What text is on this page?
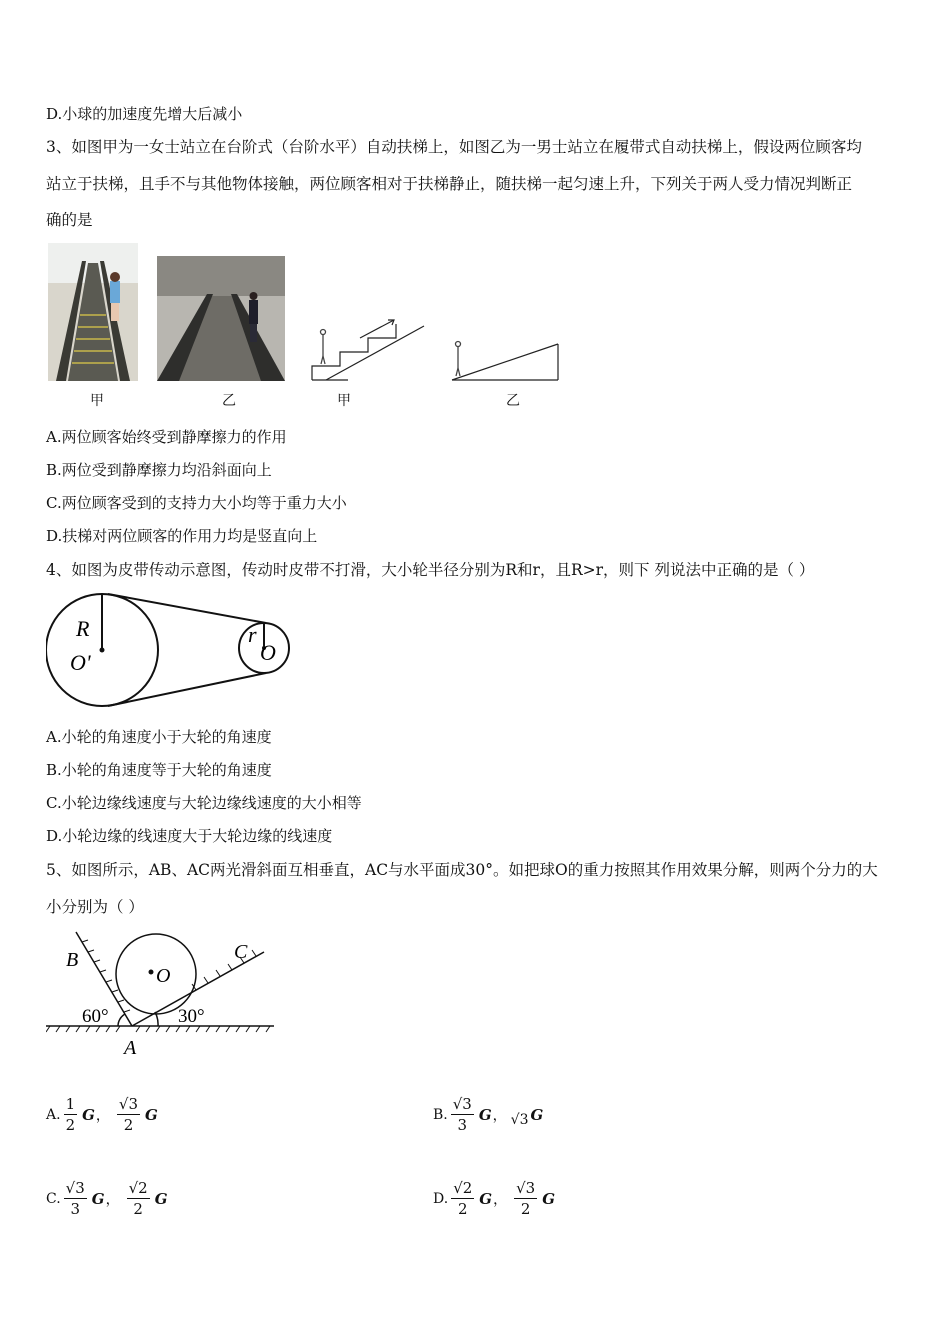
D.小球的加速度先增大后减小
3、如图甲为一女士站立在台阶式（台阶水平）自动扶梯上，如图乙为一男士站立在履带式自动扶梯上，假设两位顾客均
站立于扶梯，且手不与其他物体接触，两位顾客相对于扶梯静止，随扶梯一起匀速上升，下列关于两人受力情况判断正
确的是
甲	乙	甲	乙
A.两位顾客始终受到静摩擦力的作用
B.两位受到静摩擦力均沿斜面向上
C.两位顾客受到的支持力大小均等于重力大小
D.扶梯对两位顾客的作用力均是竖直向上
4、如图为皮带传动示意图，传动时皮带不打滑，大小轮半径分别为R和r，且R>r，则下 列说法中正确的是（ ）
R
O'
r
O
A.小轮的角速度小于大轮的角速度
B.小轮的角速度等于大轮的角速度
C.小轮边缘线速度与大轮边缘线速度的大小相等
D.小轮边缘的线速度大于大轮边缘的线速度
5、如图所示，AB、AC两光滑斜面互相垂直，AC与水平面成30°。如把球O的重力按照其作用效果分解，则两个分力的大
小分别为（ ）
B	C
O
A
60°	30°
A. $\frac{1}{2}$ G ， $\frac{√3}{2}$ G	B. $\frac{√3}{3}$ G ， √3 G
C. $\frac{√3}{3}$ G ， $\frac{√2}{2}$ G	D. $\frac{√2}{2}$ G ， $\frac{√3}{2}$ G
